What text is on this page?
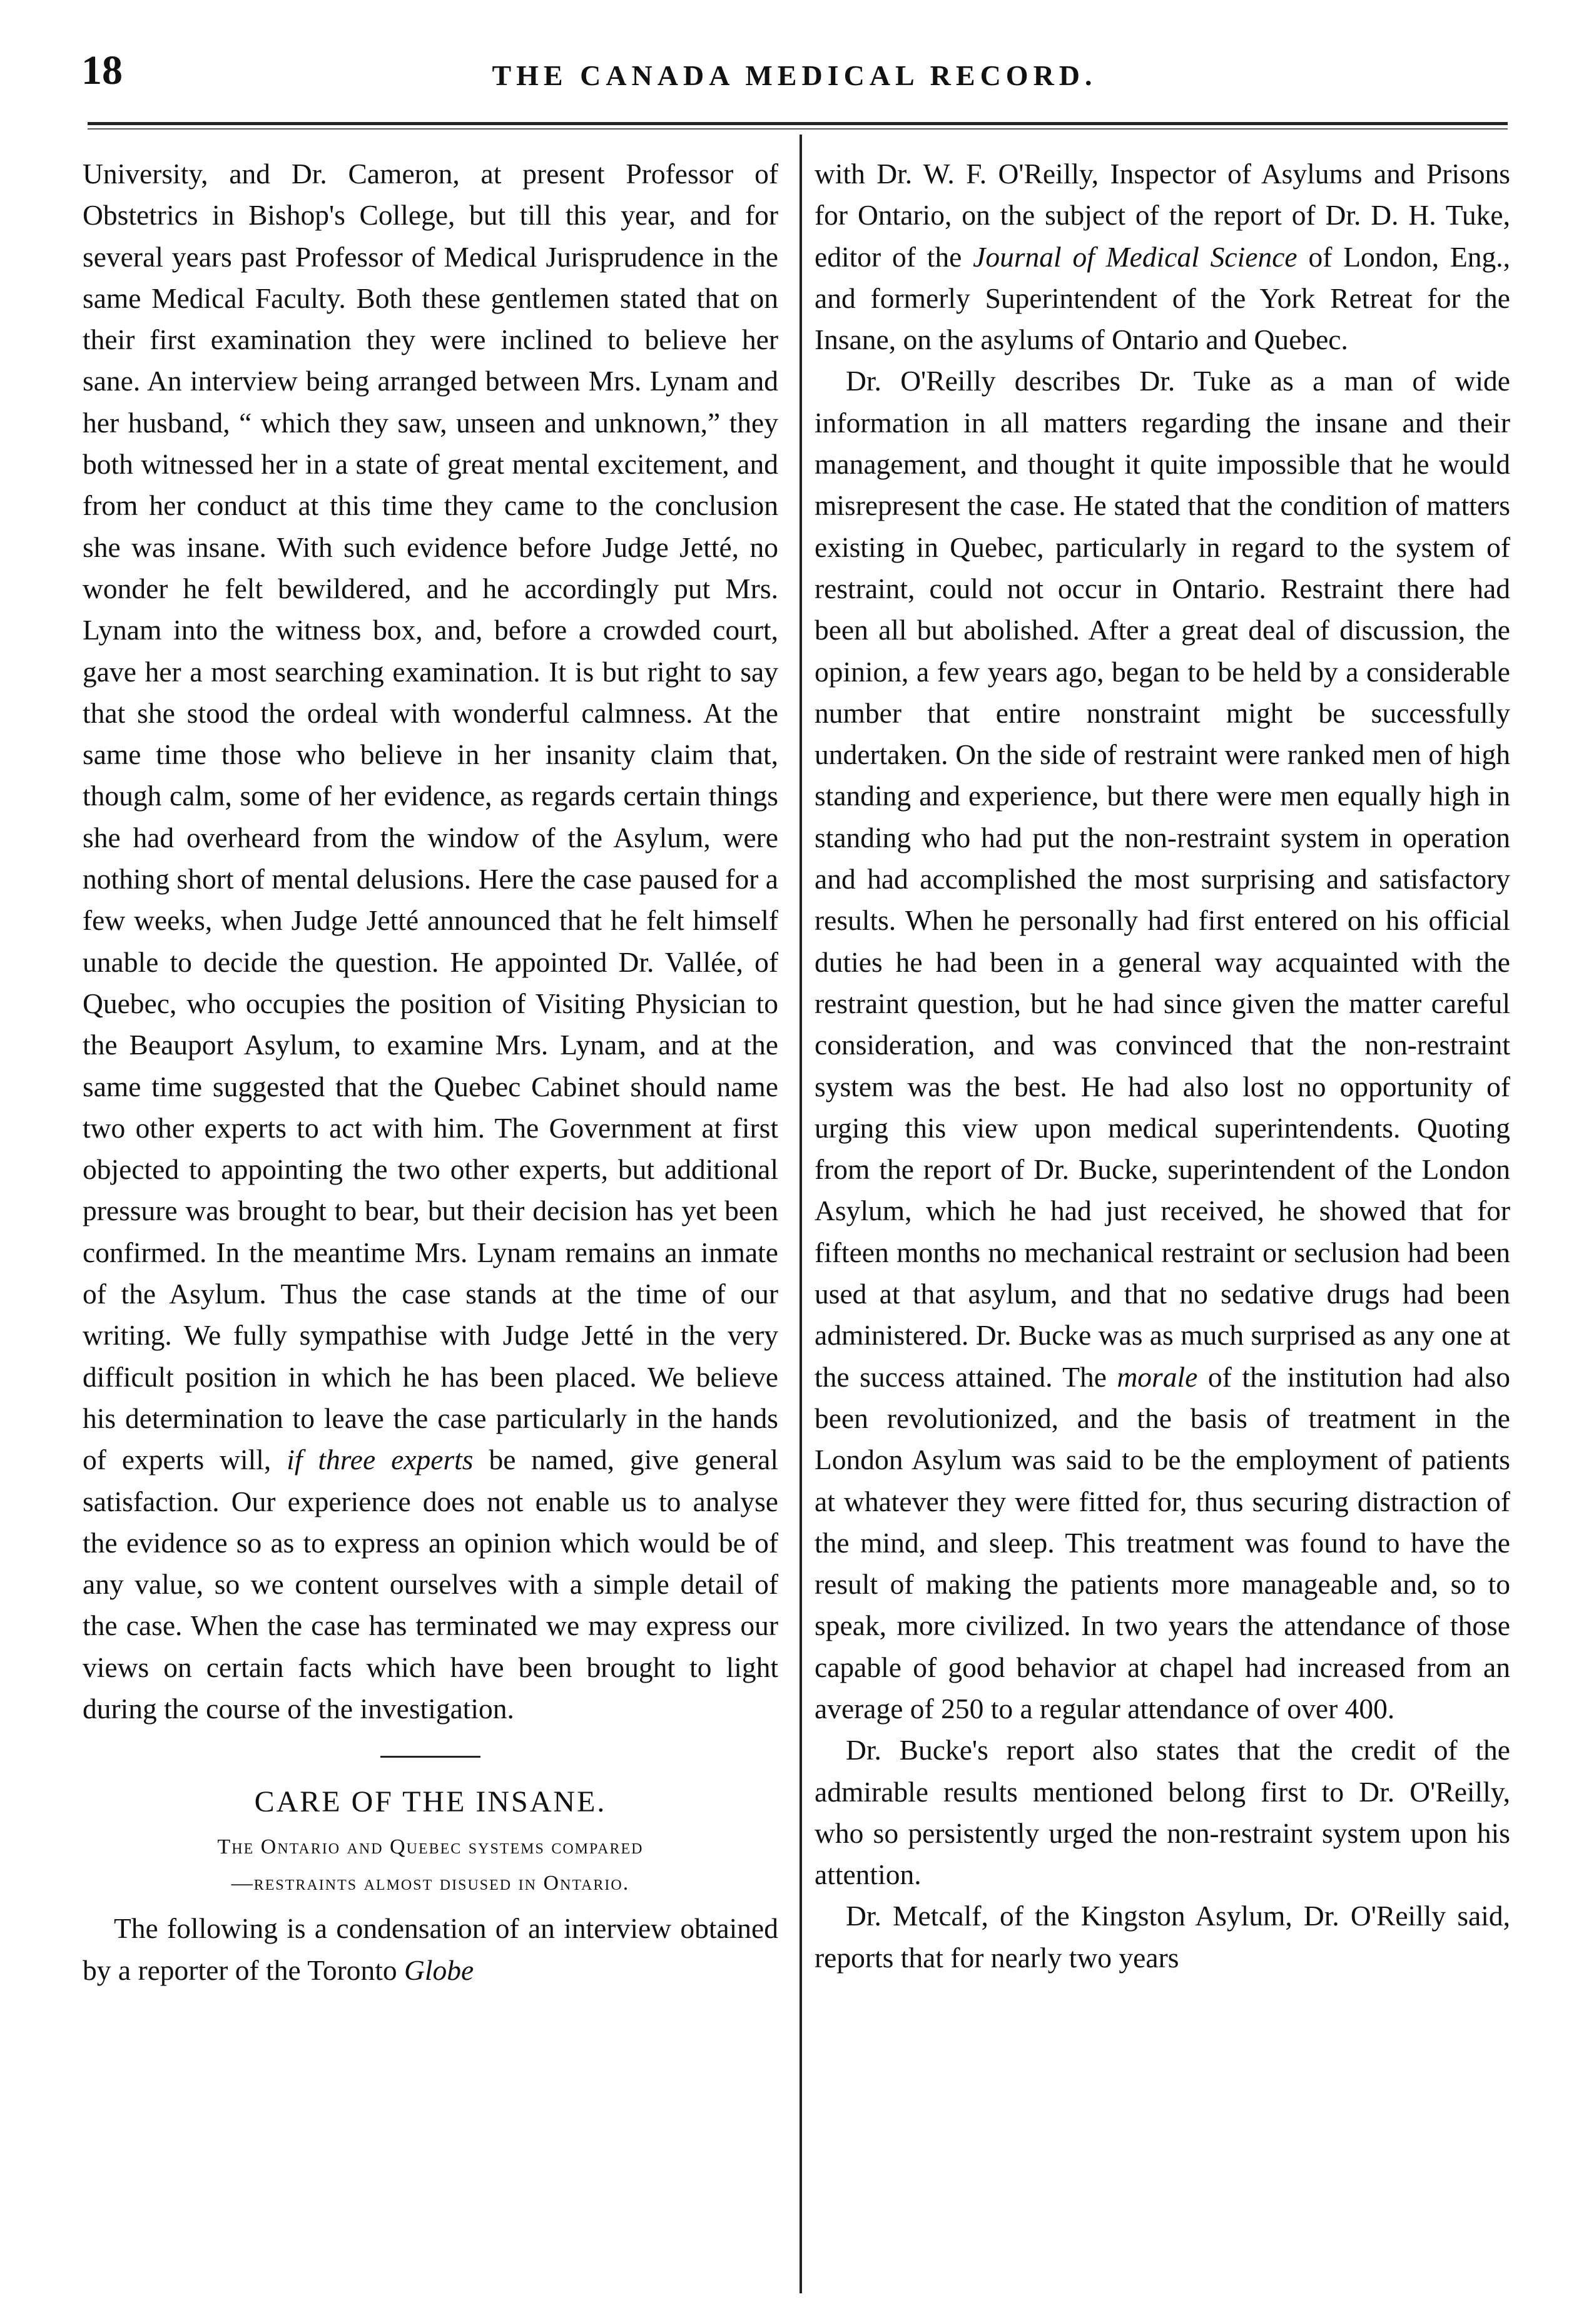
18	THE CANADA MEDICAL RECORD.

University, and Dr. Cameron, at present Professor of Obstetrics in Bishop's College, but till this year, and for several years past Professor of Medical Jurisprudence in the same Medical Faculty. Both these gentlemen stated that on their first examination they were inclined to believe her sane. An interview being arranged between Mrs. Lynam and her husband, “ which they saw, unseen and unknown,” they both witnessed her in a state of great mental excitement, and from her conduct at this time they came to the conclusion she was insane. With such evidence before Judge Jetté, no wonder he felt bewildered, and he accordingly put Mrs. Lynam into the witness box, and, before a crowded court, gave her a most searching examination. It is but right to say that she stood the ordeal with wonderful calmness. At the same time those who believe in her insanity claim that, though calm, some of her evidence, as regards certain things she had overheard from the window of the Asylum, were nothing short of mental delusions. Here the case paused for a few weeks, when Judge Jetté announced that he felt himself unable to decide the question. He appointed Dr. Vallée, of Quebec, who occupies the position of Visiting Physician to the Beauport Asylum, to examine Mrs. Lynam, and at the same time suggested that the Quebec Cabinet should name two other experts to act with him. The Government at first objected to appointing the two other experts, but additional pressure was brought to bear, but their decision has yet been confirmed. In the meantime Mrs. Lynam remains an inmate of the Asylum. Thus the case stands at the time of our writing. We fully sympathise with Judge Jetté in the very difficult position in which he has been placed. We believe his determination to leave the case particularly in the hands of experts will, if three experts be named, give general satisfaction. Our experience does not enable us to analyse the evidence so as to express an opinion which would be of any value, so we content ourselves with a simple detail of the case. When the case has terminated we may express our views on certain facts which have been brought to light during the course of the investigation.

CARE OF THE INSANE.
The Ontario and Quebec systems compared
—restraints almost disused in Ontario.

The following is a condensation of an interview obtained by a reporter of the Toronto Globe

with Dr. W. F. O'Reilly, Inspector of Asylums and Prisons for Ontario, on the subject of the report of Dr. D. H. Tuke, editor of the Journal of Medical Science of London, Eng., and formerly Superintendent of the York Retreat for the Insane, on the asylums of Ontario and Quebec.

Dr. O'Reilly describes Dr. Tuke as a man of wide information in all matters regarding the insane and their management, and thought it quite impossible that he would misrepresent the case. He stated that the condition of matters existing in Quebec, particularly in regard to the system of restraint, could not occur in Ontario. Restraint there had been all but abolished. After a great deal of discussion, the opinion, a few years ago, began to be held by a considerable number that entire nonstraint might be successfully undertaken. On the side of restraint were ranked men of high standing and experience, but there were men equally high in standing who had put the non-restraint system in operation and had accomplished the most surprising and satisfactory results. When he personally had first entered on his official duties he had been in a general way acquainted with the restraint question, but he had since given the matter careful consideration, and was convinced that the non-restraint system was the best. He had also lost no opportunity of urging this view upon medical superintendents. Quoting from the report of Dr. Bucke, superintendent of the London Asylum, which he had just received, he showed that for fifteen months no mechanical restraint or seclusion had been used at that asylum, and that no sedative drugs had been administered. Dr. Bucke was as much surprised as any one at the success attained. The morale of the institution had also been revolutionized, and the basis of treatment in the London Asylum was said to be the employment of patients at whatever they were fitted for, thus securing distraction of the mind, and sleep. This treatment was found to have the result of making the patients more manageable and, so to speak, more civilized. In two years the attendance of those capable of good behavior at chapel had increased from an average of 250 to a regular attendance of over 400.

Dr. Bucke's report also states that the credit of the admirable results mentioned belong first to Dr. O'Reilly, who so persistently urged the non-restraint system upon his attention.

Dr. Metcalf, of the Kingston Asylum, Dr. O'Reilly said, reports that for nearly two years
